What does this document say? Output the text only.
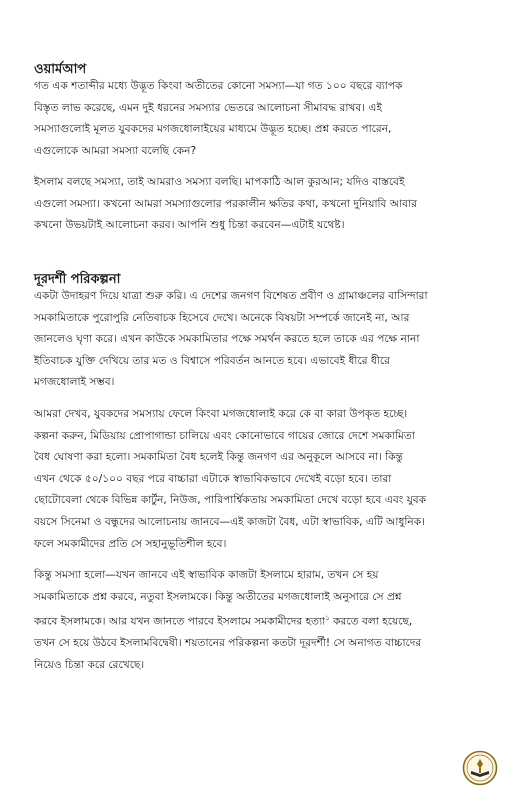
ওয়ার্মআপ
গত এক শতাব্দীর মধ্যে উদ্ভূত কিংবা অতীতের কোনো সমস্যা—যা গত ১০০ বছরে ব্যাপক
বিস্তৃত লাভ করেছে, এমন দুই ধরনের সমস্যার ভেতরে আলোচনা সীমাবদ্ধ রাখব। এই
সমস্যাগুলোই মূলত যুবকদের মগজধোলাইয়ের মাধ্যমে উদ্ভূত হচ্ছে। প্রশ্ন করতে পারেন,
এগুলোকে আমরা সমস্যা বলেছি কেন?
ইসলাম বলছে সমস্যা, তাই আমরাও সমস্যা বলছি। মাপকাঠি আল কুরআন; যদিও বাস্তবেই
এগুলো সমস্যা। কখনো আমরা সমস্যাগুলোর পরকালীন ক্ষতির কথা, কখনো দুনিয়াবি আবার
কখনো উভয়টাই আলোচনা করব। আপনি শুধু চিন্তা করবেন—এটাই যথেষ্ট।
দূরদর্শী পরিকল্পনা
একটা উদাহরণ দিয়ে যাত্রা শুরু করি। এ দেশের জনগণ বিশেষত প্রবীণ ও গ্রামাঞ্চলের বাসিন্দারা
সমকামিতাকে পুরোপুরি নেতিবাচক হিসেবে দেখে। অনেকে বিষয়টা সম্পর্কে জানেই না, আর
জানলেও ঘৃণা করে। এখন কাউকে সমকামিতার পক্ষে সমর্থন করতে হলে তাকে এর পক্ষে নানা
ইতিবাচক যুক্তি দেখিয়ে তার মত ও বিশ্বাসে পরিবর্তন আনতে হবে। এভাবেই ধীরে ধীরে
মগজধোলাই সম্ভব।
আমরা দেখব, যুবকদের সমস্যায় ফেলে কিংবা মগজধোলাই করে কে বা কারা উপকৃত হচ্ছে।
কল্পনা করুন, মিডিয়ায় প্রোপাগান্ডা চালিয়ে এবং কোনোভাবে গায়ের জোরে দেশে সমকামিতা
বৈধ ঘোষণা করা হলো। সমকামিতা বৈধ হলেই কিন্তু জনগণ এর অনুকূলে আসবে না। কিন্তু
এখন থেকে ৫০/১০০ বছর পরে বাচ্চারা এটাকে স্বাভাবিকভাবে দেখেই বড়ো হবে। তারা
ছোটোবেলা থেকে বিভিন্ন কার্টুন, নিউজ, পারিপার্শ্বিকতায় সমকামিতা দেখে বড়ো হবে এবং যুবক
বয়সে সিনেমা ও বন্ধুদের আলোচনায় জানবে—এই কাজটা বৈধ, এটা স্বাভাবিক, এটি আধুনিক।
ফলে সমকামীদের প্রতি সে সহানুভূতিশীল হবে।
কিন্তু সমস্যা হলো—যখন জানবে এই স্বাভাবিক কাজটা ইসলামে হারাম, তখন সে হয়
সমকামিতাকে প্রশ্ন করবে, নতুবা ইসলামকে। কিন্তু অতীতের মগজধোলাই অনুসারে সে প্রশ্ন
করবে ইসলামকে। আর যখন জানতে পারবে ইসলামে সমকামীদের হত্যা$^১$ করতে বলা হয়েছে,
তখন সে হয়ে উঠবে ইসলামবিদ্বেষী। শয়তানের পরিকল্পনা কতটা দূরদর্শী! সে অনাগত বাচ্চাদের
নিয়েও চিন্তা করে রেখেছে।
